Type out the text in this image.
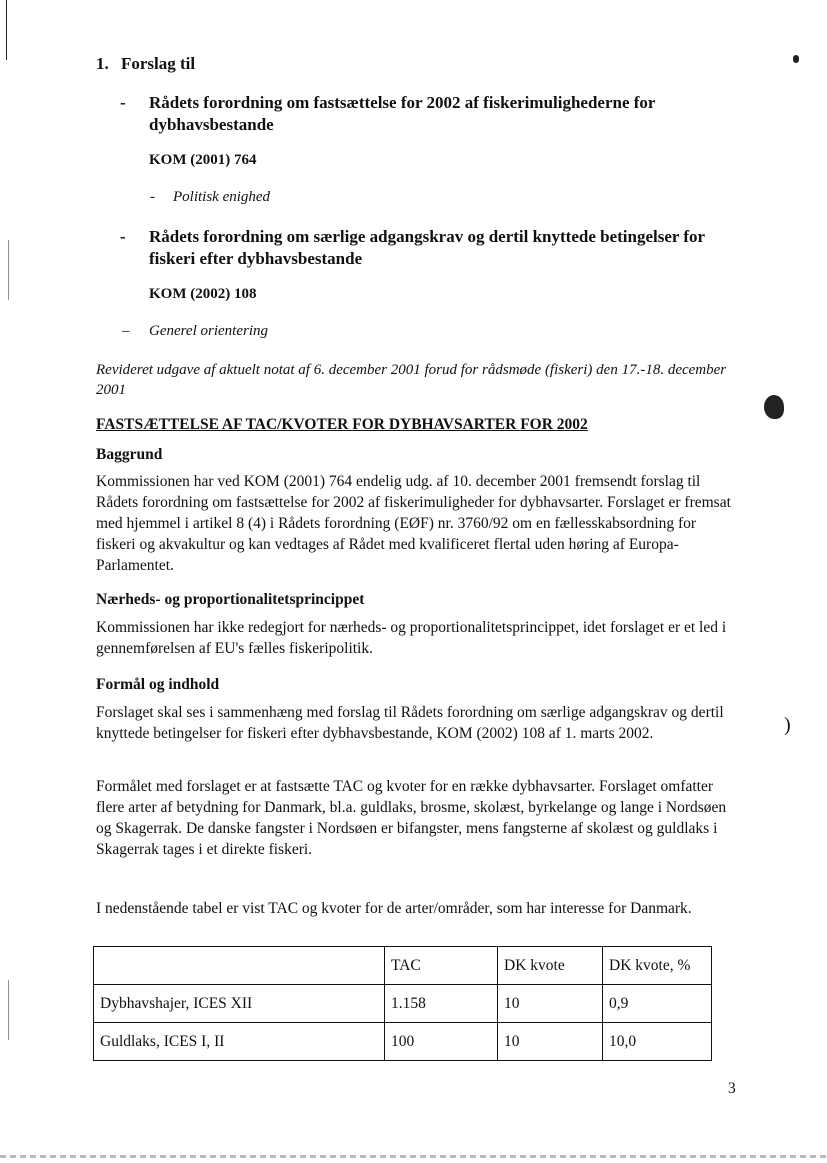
1. Forslag til
- Rådets forordning om fastsættelse for 2002 af fiskerimulighederne for dybhavsbestande
KOM (2001) 764
- Politisk enighed
- Rådets forordning om særlige adgangskrav og dertil knyttede betingelser for fiskeri efter dybhavsbestande
KOM (2002) 108
– Generel orientering
Revideret udgave af aktuelt notat af 6. december 2001 forud for rådsmøde (fiskeri) den 17.-18. december 2001
FASTSÆTTELSE AF TAC/KVOTER FOR DYBHAVSARTER FOR 2002
Baggrund
Kommissionen har ved KOM (2001) 764 endelig udg. af 10. december 2001 fremsendt forslag til Rådets forordning om fastsættelse for 2002 af fiskerimuligheder for dybhavsarter. Forslaget er fremsat med hjemmel i artikel 8 (4) i Rådets forordning (EØF) nr. 3760/92 om en fællesskabsordning for fiskeri og akvakultur og kan vedtages af Rådet med kvalificeret flertal uden høring af Europa-Parlamentet.
Nærheds- og proportionalitetsprincippet
Kommissionen har ikke redegjort for nærheds- og proportionalitetsprincippet, idet forslaget er et led i gennemførelsen af EU's fælles fiskeripolitik.
Formål og indhold
Forslaget skal ses i sammenhæng med forslag til Rådets forordning om særlige adgangskrav og dertil knyttede betingelser for fiskeri efter dybhavsbestande, KOM (2002) 108 af 1. marts 2002.
Formålet med forslaget er at fastsætte TAC og kvoter for en række dybhavsarter. Forslaget omfatter flere arter af betydning for Danmark, bl.a. guldlaks, brosme, skolæst, byrkelange og lange i Nordsøen og Skagerrak. De danske fangster i Nordsøen er bifangster, mens fangsterne af skolæst og guldlaks i Skagerrak tages i et direkte fiskeri.
I nedenstående tabel er vist TAC og kvoter for de arter/områder, som har interesse for Danmark.
	TAC	DK kvote	DK kvote, %
Dybhavshajer, ICES XII	1.158	10	0,9
Guldlaks, ICES I, II	100	10	10,0
3
)
